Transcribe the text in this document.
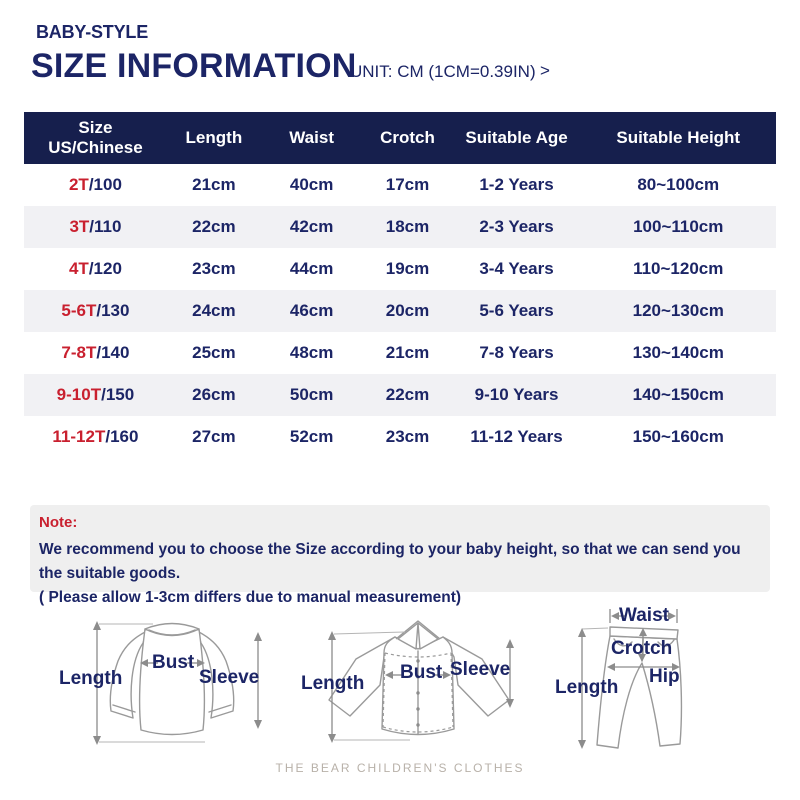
BABY-STYLE
SIZE INFORMATION
UNIT: CM (1CM=0.39IN) >
Size
US/Chinese	Length	Waist	Crotch	Suitable Age	Suitable Height
2T/100	21cm	40cm	17cm	1-2 Years	80~100cm
3T/110	22cm	42cm	18cm	2-3 Years	100~110cm
4T/120	23cm	44cm	19cm	3-4 Years	110~120cm
5-6T/130	24cm	46cm	20cm	5-6 Years	120~130cm
7-8T/140	25cm	48cm	21cm	7-8 Years	130~140cm
9-10T/150	26cm	50cm	22cm	9-10 Years	140~150cm
11-12T/160	27cm	52cm	23cm	11-12 Years	150~160cm
Note:
We recommend you to choose the Size according to your baby height, so that we can send you the suitable goods.
( Please allow 1-3cm differs due to manual measurement)
Length
Bust
Sleeve Length
Bust Sleeve
Waist
Crotch
Hip
Length
THE BEAR CHILDREN'S CLOTHES
